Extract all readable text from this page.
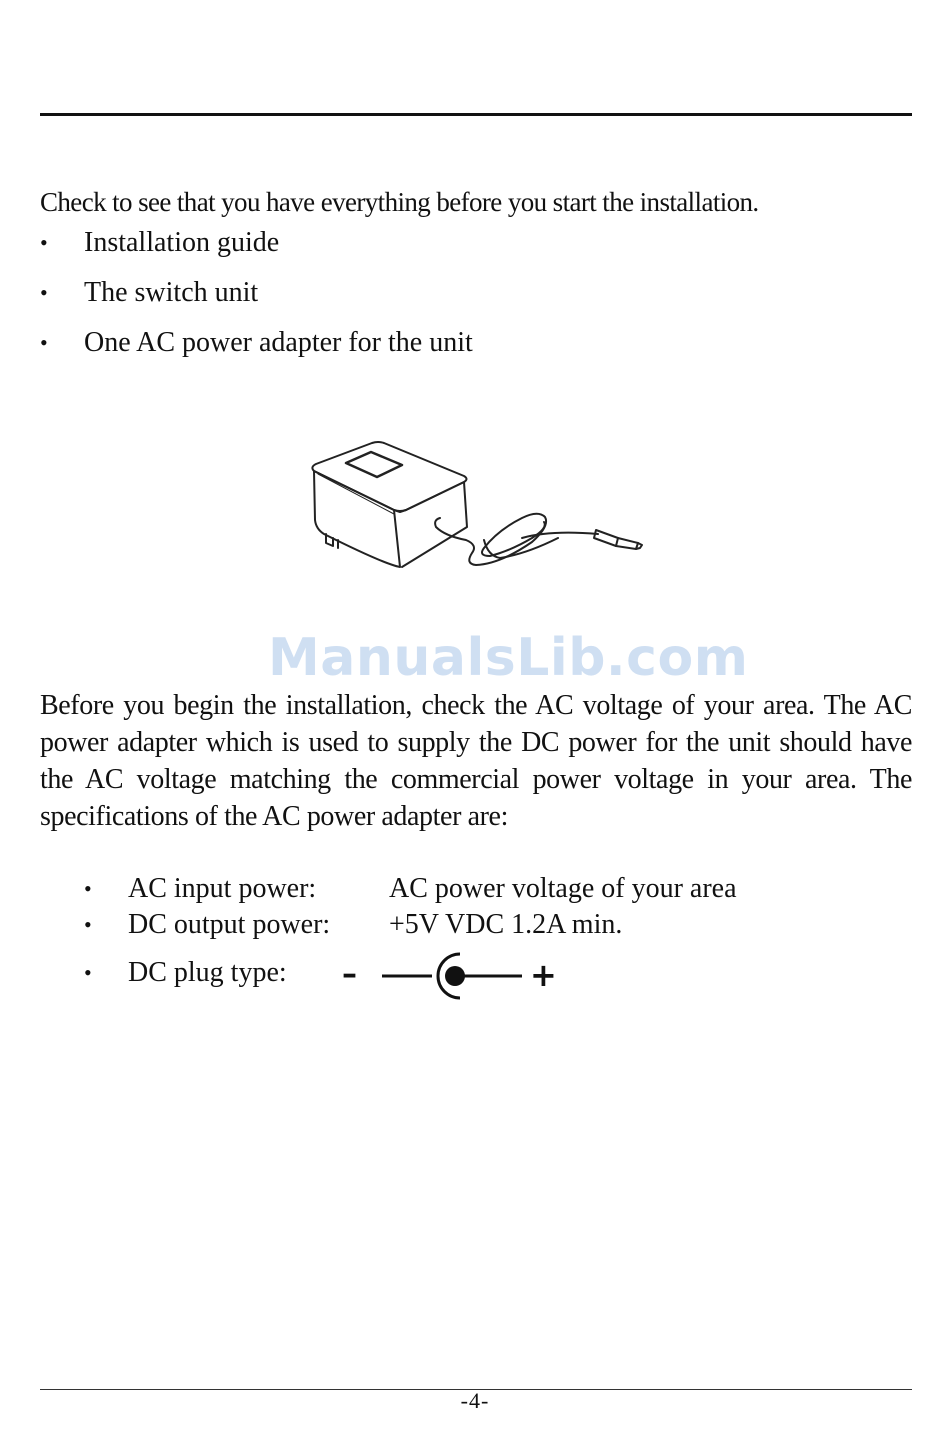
Check to see that you have everything before you start the installation.

• Installation guide
• The switch unit
• One AC power adapter for the unit
ManualsLib.com

Before you begin the installation, check the AC voltage of your area. The AC power adapter which is used to supply the DC power for the unit should have the AC voltage matching the commercial power voltage in your area. The specifications of the AC power adapter are:

• AC input power:	AC power voltage of your area
• DC output power: +5V VDC 1.2A min.
• DC plug type: –	+
-4-
